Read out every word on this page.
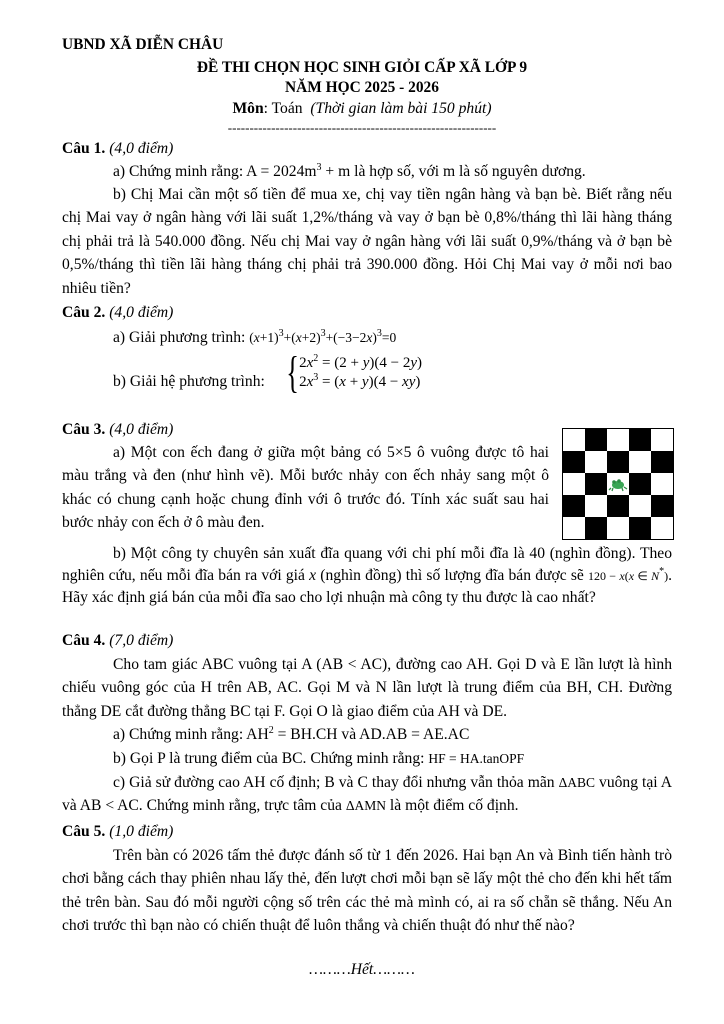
UBND XÃ DIỄN CHÂU
ĐỀ THI CHỌN HỌC SINH GIỎI CẤP XÃ LỚP 9
NĂM HỌC 2025 - 2026
Môn: Toán (Thời gian làm bài 150 phút)
--------------------------------------------------------------
Câu 1. (4,0 điểm)
a) Chứng minh rằng: $A = 2024m^3 + m$ là hợp số, với m là số nguyên dương.
b) Chị Mai cần một số tiền để mua xe, chị vay tiền ngân hàng và bạn bè. Biết rằng nếu chị Mai vay ở ngân hàng với lãi suất 1,2%/tháng và vay ở bạn bè 0,8%/tháng thì lãi hàng tháng chị phải trả là 540.000 đồng. Nếu chị Mai vay ở ngân hàng với lãi suất 0,9%/tháng và ở bạn bè 0,5%/tháng thì tiền lãi hàng tháng chị phải trả 390.000 đồng. Hỏi Chị Mai vay ở mỗi nơi bao nhiêu tiền?
Câu 2. (4,0 điểm)
a) Giải phương trình: $(x+1)^3+(x+2)^3+(-3-2x)^3=0$
b) Giải hệ phương trình: { $2x^2 = (2 + y)(4 - 2y)$
$2x^3 = (x + y)(4 - xy)$
Câu 3. (4,0 điểm)
a) Một con ếch đang ở giữa một bảng có 5×5 ô vuông được tô hai màu trắng và đen (như hình vẽ). Mỗi bước nhảy con ếch nhảy sang một ô khác có chung cạnh hoặc chung đỉnh với ô trước đó. Tính xác suất sau hai bước nhảy con ếch ở ô màu đen.
b) Một công ty chuyên sản xuất đĩa quang với chi phí mỗi đĩa là 40 (nghìn đồng). Theo nghiên cứu, nếu mỗi đĩa bán ra với giá x (nghìn đồng) thì số lượng đĩa bán được sẽ 120 − x(x ∈ N*). Hãy xác định giá bán của mỗi đĩa sao cho lợi nhuận mà công ty thu được là cao nhất?
Câu 4. (7,0 điểm)
Cho tam giác ABC vuông tại A (AB < AC), đường cao AH. Gọi D và E lần lượt là hình chiếu vuông góc của H trên AB, AC. Gọi M và N lần lượt là trung điểm của BH, CH. Đường thẳng DE cắt đường thẳng BC tại F. Gọi O là giao điểm của AH và DE.
a) Chứng minh rằng: $AH^2 = BH.CH$ và AD.AB = AE.AC
b) Gọi P là trung điểm của BC. Chứng minh rằng: HF = HA.tanOPF
c) Giả sử đường cao AH cố định; B và C thay đổi nhưng vẫn thỏa mãn ΔABC vuông tại A và AB < AC. Chứng minh rằng, trực tâm của ΔAMN là một điểm cố định.
Câu 5. (1,0 điểm)
Trên bàn có 2026 tấm thẻ được đánh số từ 1 đến 2026. Hai bạn An và Bình tiến hành trò chơi bằng cách thay phiên nhau lấy thẻ, đến lượt chơi mỗi bạn sẽ lấy một thẻ cho đến khi hết tấm thẻ trên bàn. Sau đó mỗi người cộng số trên các thẻ mà mình có, ai ra số chẵn sẽ thắng. Nếu An chơi trước thì bạn nào có chiến thuật để luôn thắng và chiến thuật đó như thế nào?
………Hết………
